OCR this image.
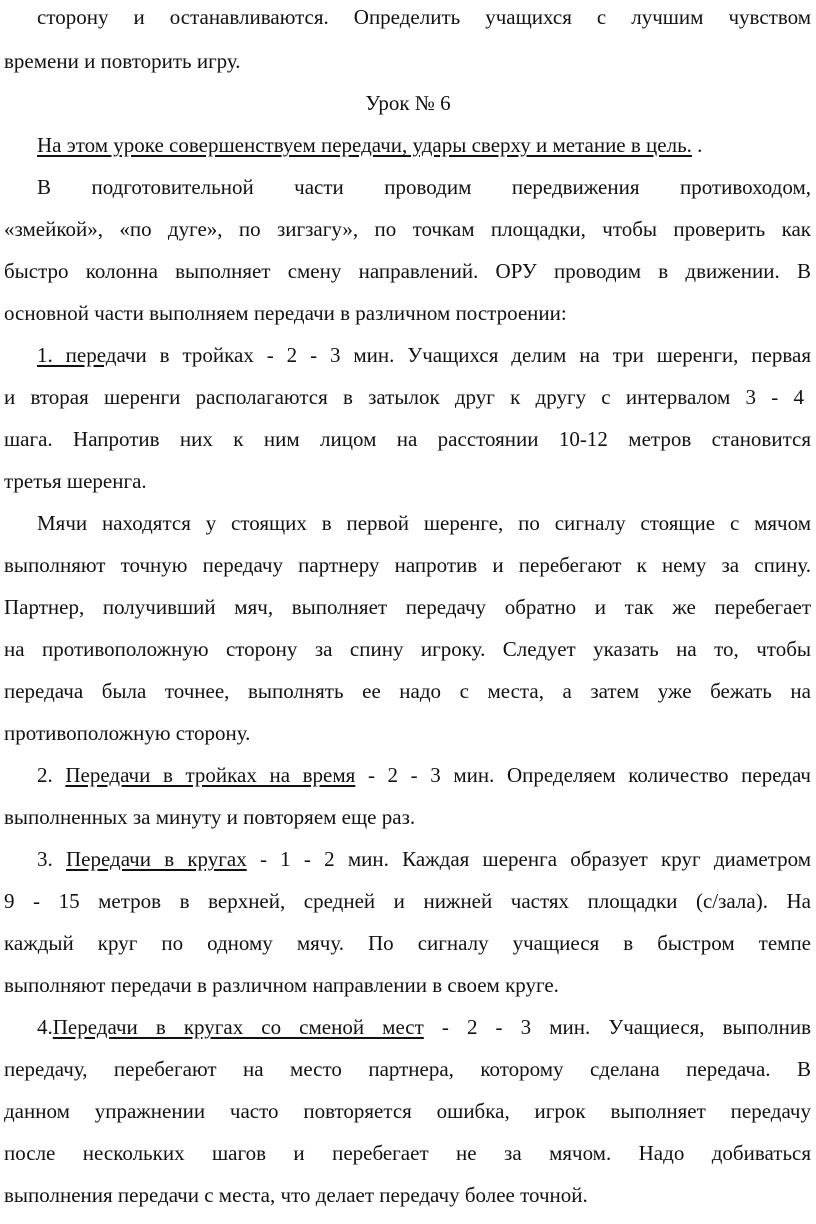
сторону и останавливаются. Определить учащихся с лучшим чувством
времени и повторить игру.
Урок № 6
На этом уроке совершенствуем передачи, удары сверху и метание в цель. .
В подготовительной части проводим передвижения противоходом,
«змейкой», «по дуге», по зигзагу», по точкам площадки, чтобы проверить как
быстро колонна выполняет смену направлений. ОРУ проводим в движении. В
основной части выполняем передачи в различном построении:
1. передачи в тройках - 2 - 3 мин. Учащихся делим на три шеренги, первая
и вторая шеренги располагаются в затылок друг к другу с интервалом 3 - 4
шага. Напротив них к ним лицом на расстоянии 10-12 метров становится
третья шеренга.
Мячи находятся у стоящих в первой шеренге, по сигналу стоящие с мячом
выполняют точную передачу партнеру напротив и перебегают к нему за спину.
Партнер, получивший мяч, выполняет передачу обратно и так же перебегает
на противоположную сторону за спину игроку. Следует указать на то, чтобы
передача была точнее, выполнять ее надо с места, а затем уже бежать на
противоположную сторону.
2. Передачи в тройках на время - 2 - 3 мин. Определяем количество передач
выполненных за минуту и повторяем еще раз.
3. Передачи в кругах - 1 - 2 мин. Каждая шеренга образует круг диаметром
9 - 15 метров в верхней, средней и нижней частях площадки (с/зала). На
каждый круг по одному мячу. По сигналу учащиеся в быстром темпе
выполняют передачи в различном направлении в своем круге.
4.Передачи в кругах со сменой мест - 2 - 3 мин. Учащиеся, выполнив
передачу, перебегают на место партнера, которому сделана передача. В
данном упражнении часто повторяется ошибка, игрок выполняет передачу
после нескольких шагов и перебегает не за мячом. Надо добиваться
выполнения передачи с места, что делает передачу более точной.
